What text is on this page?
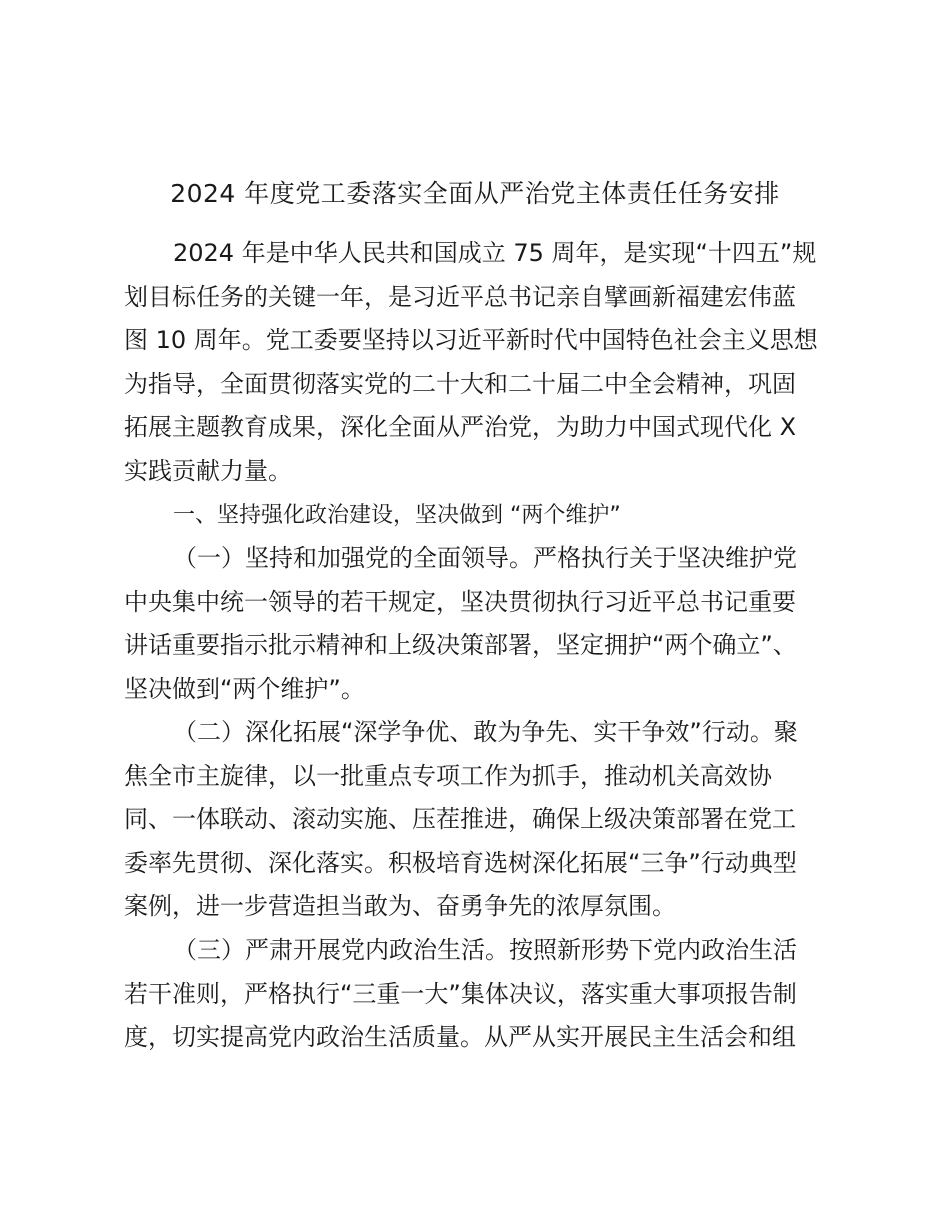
2024 年度党工委落实全面从严治党主体责任任务安排

2024 年是中华人民共和国成立 75 周年，是实现“十四五”规
划目标任务的关键一年，是习近平总书记亲自擘画新福建宏伟蓝
图 10 周年。党工委要坚持以习近平新时代中国特色社会主义思想
为指导，全面贯彻落实党的二十大和二十届二中全会精神，巩固
拓展主题教育成果，深化全面从严治党，为助力中国式现代化 X
实践贡献力量。

一、坚持强化政治建设，坚决做到 “两个维护”

（一）坚持和加强党的全面领导。严格执行关于坚决维护党
中央集中统一领导的若干规定，坚决贯彻执行习近平总书记重要
讲话重要指示批示精神和上级决策部署，坚定拥护“两个确立”、
坚决做到“两个维护”。

（二）深化拓展“深学争优、敢为争先、实干争效”行动。聚
焦全市主旋律，以一批重点专项工作为抓手，推动机关高效协
同、一体联动、滚动实施、压茬推进，确保上级决策部署在党工
委率先贯彻、深化落实。积极培育选树深化拓展“三争”行动典型
案例，进一步营造担当敢为、奋勇争先的浓厚氛围。

（三）严肃开展党内政治生活。按照新形势下党内政治生活
若干准则，严格执行“三重一大”集体决议，落实重大事项报告制
度，切实提高党内政治生活质量。从严从实开展民主生活会和组
